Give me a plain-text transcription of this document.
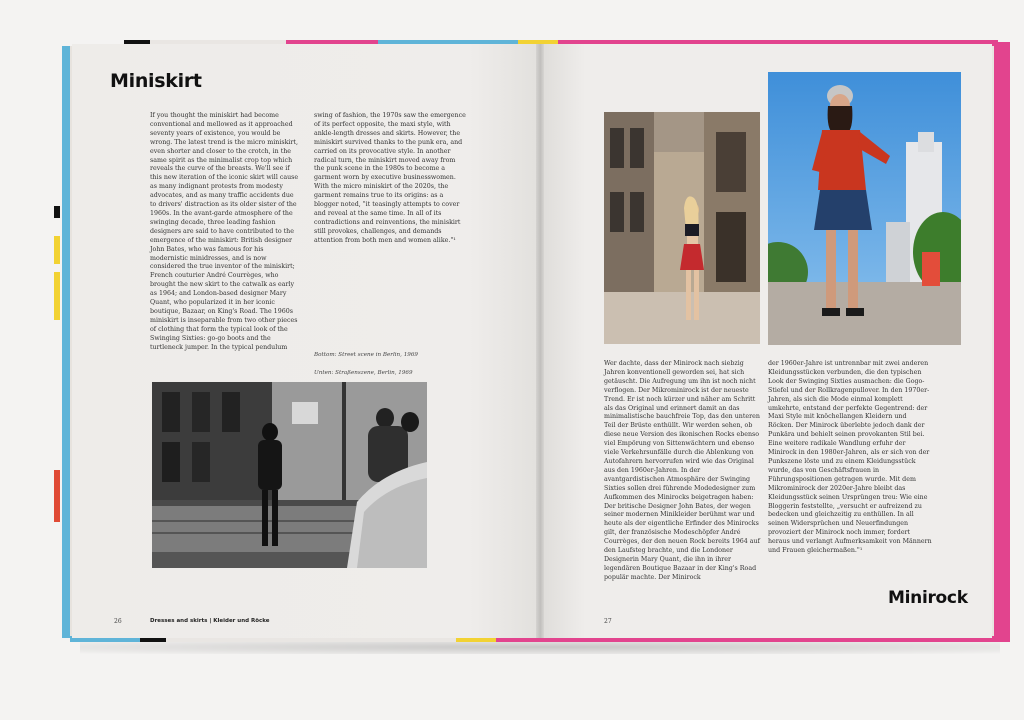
Miniskirt

If you thought the miniskirt had become conventional and mellowed as it approached seventy years of existence, you would be wrong. The latest trend is the micro miniskirt, even shorter and closer to the crotch, in the same spirit as the minimalist crop top which reveals the curve of the breasts. We'll see if this new iteration of the iconic skirt will cause as many indignant protests from modesty advocates, and as many traffic accidents due to drivers' distraction as its older sister of the 1960s. In the avant-garde atmosphere of the swinging decade, three leading fashion designers are said to have contributed to the emergence of the miniskirt: British designer John Bates, who was famous for his modernistic minidresses, and is now considered the true inventor of the miniskirt; French couturier André Courrèges, who brought the new skirt to the catwalk as early as 1964; and London-based designer Mary Quant, who popularized it in her iconic boutique, Bazaar, on King's Road. The 1960s miniskirt is inseparable from two other pieces of clothing that form the typical look of the Swinging Sixties: go-go boots and the turtleneck jumper. In the typical pendulum

swing of fashion, the 1970s saw the emergence of its perfect opposite, the maxi style, with ankle-length dresses and skirts. However, the miniskirt survived thanks to the punk era, and carried on its provocative style. In another radical turn, the miniskirt moved away from the punk scene in the 1980s to become a garment worn by executive businesswomen. With the micro miniskirt of the 2020s, the garment remains true to its origins: as a blogger noted, "it teasingly attempts to cover and reveal at the same time. In all of its contradictions and reinventions, the miniskirt still provokes, challenges, and demands attention from both men and women alike."¹

Bottom: Street scene in Berlin, 1969
Unten: Straßenszene, Berlin, 1969
26	Dresses and skirts | Kleider und Röcke

Wer dachte, dass der Minirock nach siebzig Jahren konventionell geworden sei, hat sich getäuscht. Die Aufregung um ihn ist noch nicht verflogen. Der Mikrominirock ist der neueste Trend. Er ist noch kürzer und näher am Schritt als das Original und erinnert damit an das minimalistische bauchfreie Top, das den unteren Teil der Brüste enthüllt. Wir werden sehen, ob diese neue Version des ikonischen Rocks ebenso viel Empörung von Sittenwächtern und ebenso viele Verkehrsunfälle durch die Ablenkung von Autofahrern hervorrufen wird wie das Original aus den 1960er-Jahren. In der avantgardistischen Atmosphäre der Swinging Sixties sollen drei führende Modedesigner zum Aufkommen des Minirocks beigetragen haben: Der britische Designer John Bates, der wegen seiner modernen Minikleider berühmt war und heute als der eigentliche Erfinder des Minirocks gilt, der französische Modeschöpfer André Courrèges, der den neuen Rock bereits 1964 auf den Laufsteg brachte, und die Londoner Designerin Mary Quant, die ihn in ihrer legendären Boutique Bazaar in der King's Road populär machte. Der Minirock

der 1960er-Jahre ist untrennbar mit zwei anderen Kleidungsstücken verbunden, die den typischen Look der Swinging Sixties ausmachen: die Gogo-Stiefel und der Rollkragenpullover. In den 1970er-Jahren, als sich die Mode einmal komplett umkehrte, entstand der perfekte Gegentrend: der Maxi Style mit knöchellangen Kleidern und Röcken. Der Minirock überlebte jedoch dank der Punkära und behielt seinen provokanten Stil bei. Eine weitere radikale Wandlung erfuhr der Minirock in den 1980er-Jahren, als er sich von der Punkszene löste und zu einem Kleidungsstück wurde, das von Geschäftsfrauen in Führungspositionen getragen wurde. Mit dem Mikrominirock der 2020er-Jahre bleibt das Kleidungsstück seinen Ursprüngen treu: Wie eine Bloggerin feststellte, „versucht er aufreizend zu bedecken und gleichzeitig zu enthüllen. In all seinen Widersprüchen und Neuerfindungen provoziert der Minirock noch immer, fordert heraus und verlangt Aufmerksamkeit von Männern und Frauen gleichermaßen."¹

Minirock
27
